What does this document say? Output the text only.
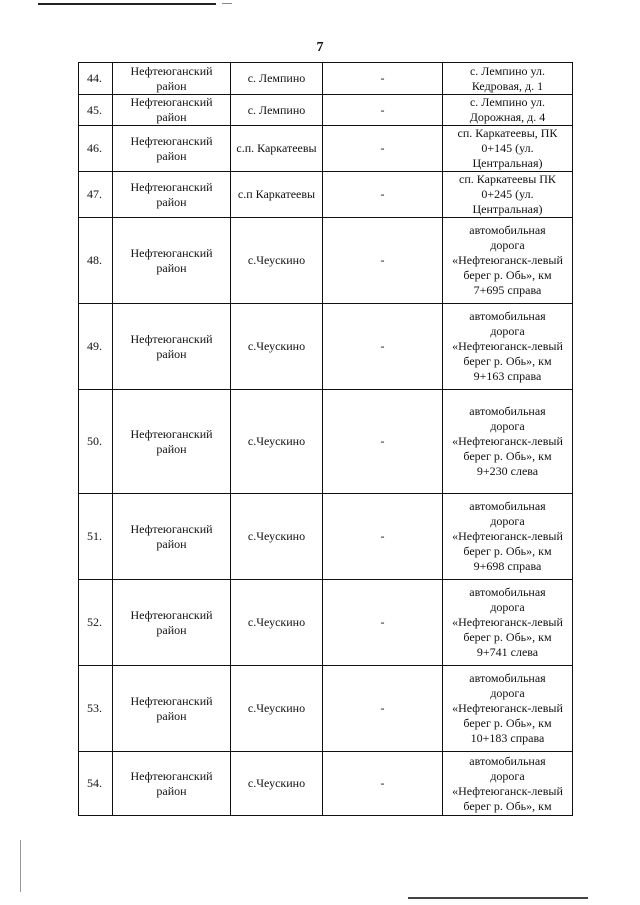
7
44.	Нефтеюганский район	с. Лемпино	-	с. Лемпино ул.
Кедровая, д. 1

45.	Нефтеюганский район	с. Лемпино	-	с. Лемпино ул.
Дорожная, д. 4

46.	Нефтеюганский район	с.п. Каркатеевы	-	сп. Каркатеевы, ПК
0+145 (ул.
Центральная)

47.	Нефтеюганский район	с.п Каркатеевы	-	сп. Каркатеевы ПК
0+245 (ул.
Центральная)

48.	Нефтеюганский район	с.Чеускино	-	автомобильная
дорога
«Нефтеюганск-левый
берег р. Обь», км
7+695 справа

49.	Нефтеюганский район	с.Чеускино	-	автомобильная
дорога
«Нефтеюганск-левый
берег р. Обь», км
9+163 справа

50.	Нефтеюганский район	с.Чеускино	-	автомобильная
дорога
«Нефтеюганск-левый
берег р. Обь», км
9+230 слева

51.	Нефтеюганский район	с.Чеускино	-	автомобильная
дорога
«Нефтеюганск-левый
берег р. Обь», км
9+698 справа

52.	Нефтеюганский район	с.Чеускино	-	автомобильная
дорога
«Нефтеюганск-левый
берег р. Обь», км
9+741 слева

53.	Нефтеюганский район	с.Чеускино	-	автомобильная
дорога
«Нефтеюганск-левый
берег р. Обь», км
10+183 справа

54.	Нефтеюганский район	с.Чеускино	-	автомобильная
дорога
«Нефтеюганск-левый
берег р. Обь», км
